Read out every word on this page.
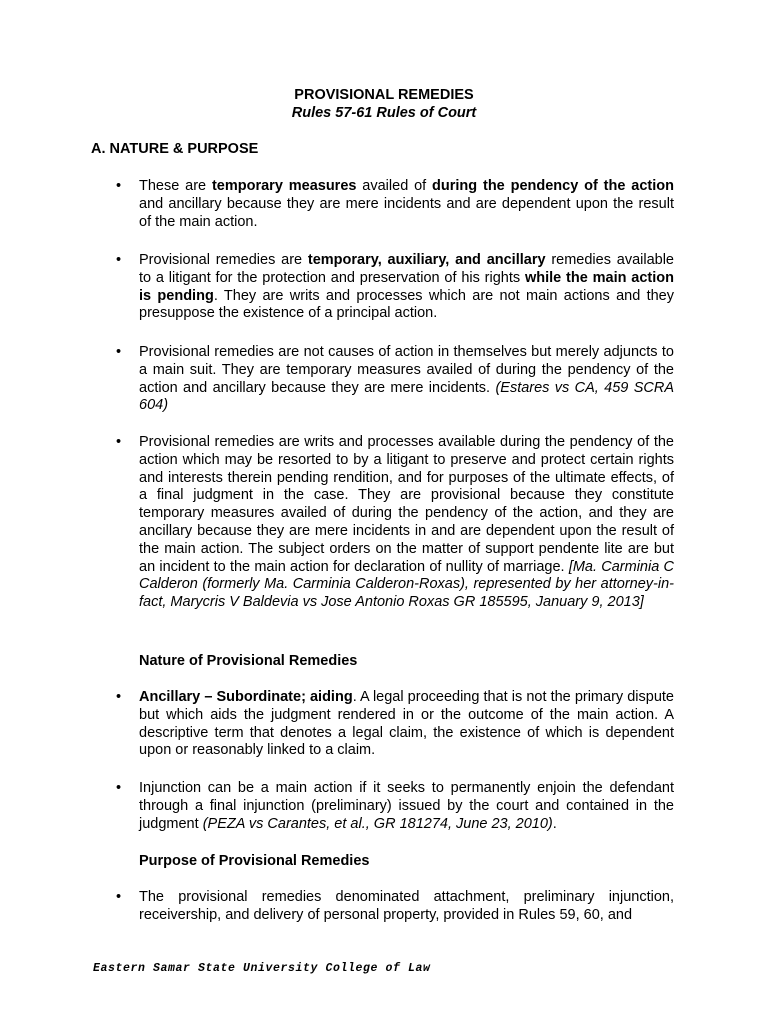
PROVISIONAL REMEDIES
Rules 57-61 Rules of Court
A. NATURE & PURPOSE
•	These are temporary measures availed of during the pendency of the action and ancillary because they are mere incidents and are dependent upon the result of the main action.
•	Provisional remedies are temporary, auxiliary, and ancillary remedies available to a litigant for the protection and preservation of his rights while the main action is pending. They are writs and processes which are not main actions and they presuppose the existence of a principal action.
•	Provisional remedies are not causes of action in themselves but merely adjuncts to a main suit. They are temporary measures availed of during the pendency of the action and ancillary because they are mere incidents. (Estares vs CA, 459 SCRA 604)
•	Provisional remedies are writs and processes available during the pendency of the action which may be resorted to by a litigant to preserve and protect certain rights and interests therein pending rendition, and for purposes of the ultimate effects, of a final judgment in the case. They are provisional because they constitute temporary measures availed of during the pendency of the action, and they are ancillary because they are mere incidents in and are dependent upon the result of the main action. The subject orders on the matter of support pendente lite are but an incident to the main action for declaration of nullity of marriage. [Ma. Carminia C Calderon (formerly Ma. Carminia Calderon-Roxas), represented by her attorney-in-fact, Marycris V Baldevia vs Jose Antonio Roxas GR 185595, January 9, 2013]
Nature of Provisional Remedies
•	Ancillary – Subordinate; aiding. A legal proceeding that is not the primary dispute but which aids the judgment rendered in or the outcome of the main action. A descriptive term that denotes a legal claim, the existence of which is dependent upon or reasonably linked to a claim.
•	Injunction can be a main action if it seeks to permanently enjoin the defendant through a final injunction (preliminary) issued by the court and contained in the judgment (PEZA vs Carantes, et al., GR 181274, June 23, 2010).
Purpose of Provisional Remedies
•	The provisional remedies denominated attachment, preliminary injunction, receivership, and delivery of personal property, provided in Rules 59, 60, and
Eastern Samar State University College of Law
